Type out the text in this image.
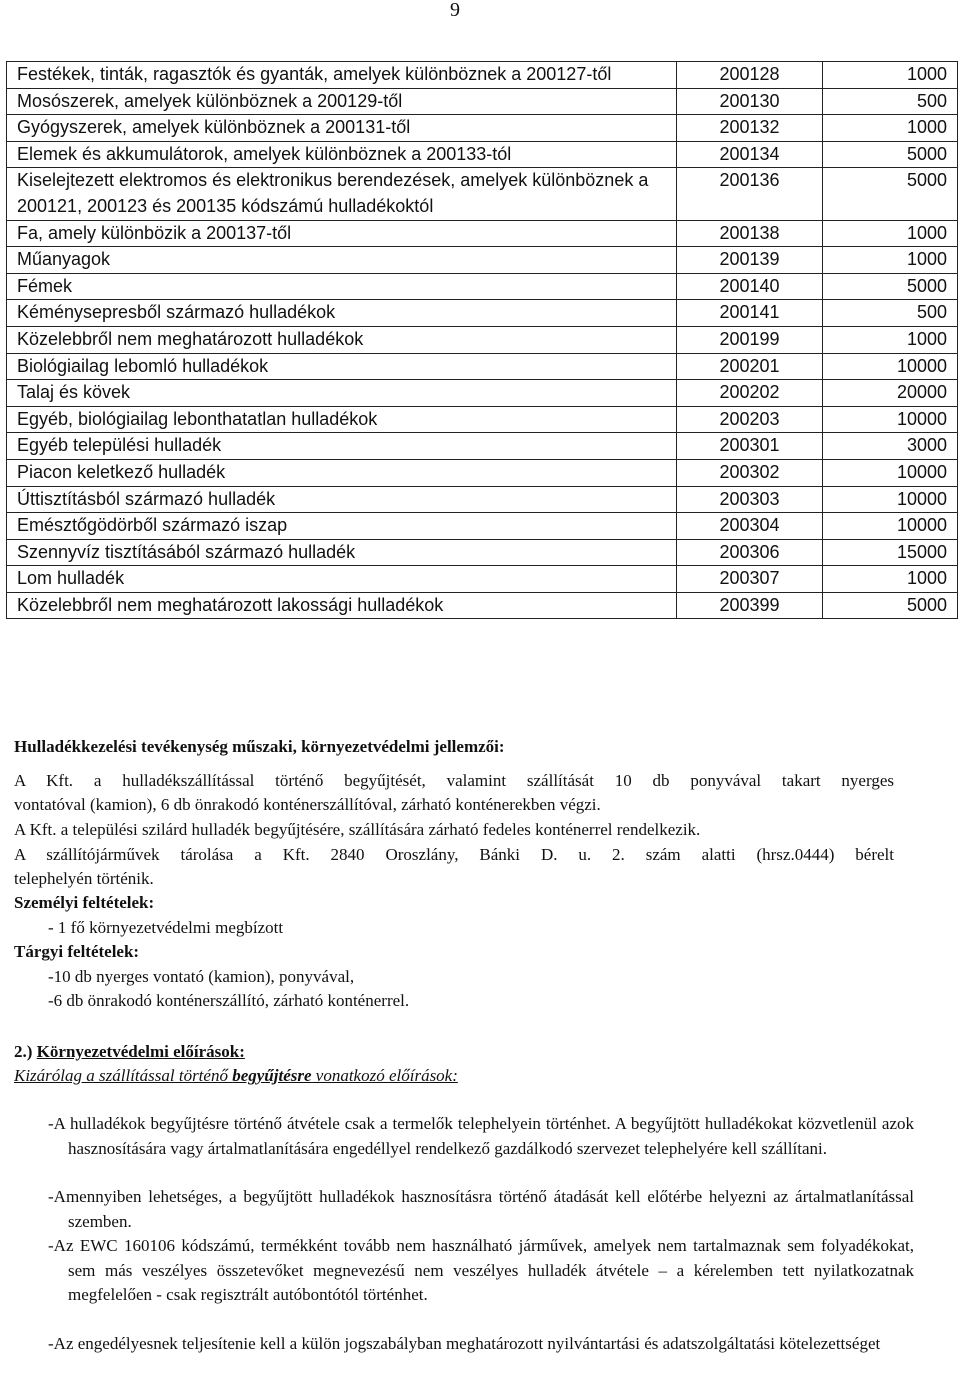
9
Festékek, tinták, ragasztók és gyanták, amelyek különböznek a 200127-től	200128	1000
Mosószerek, amelyek különböznek a 200129-től	200130	500
Gyógyszerek, amelyek különböznek a 200131-től	200132	1000
Elemek és akkumulátorok, amelyek különböznek a 200133-tól	200134	5000
Kiselejtezett elektromos és elektronikus berendezések, amelyek különböznek a 200121, 200123 és 200135 kódszámú hulladékoktól	200136	5000
Fa, amely különbözik a 200137-től	200138	1000
Műanyagok	200139	1000
Fémek	200140	5000
Kéménysepresből származó hulladékok	200141	500
Közelebbről nem meghatározott hulladékok	200199	1000
Biológiailag lebomló hulladékok	200201	10000
Talaj és kövek	200202	20000
Egyéb, biológiailag lebonthatatlan hulladékok	200203	10000
Egyéb települési hulladék	200301	3000
Piacon keletkező hulladék	200302	10000
Úttisztításból származó hulladék	200303	10000
Emésztőgödörből származó iszap	200304	10000
Szennyvíz tisztításából származó hulladék	200306	15000
Lom hulladék	200307	1000
Közelebbről nem meghatározott lakossági hulladékok	200399	5000
Hulladékkezelési tevékenység műszaki, környezetvédelmi jellemzői:
A Kft. a hulladékszállítással történő begyűjtését, valamint szállítását 10 db ponyvával takart nyerges
vontatóval (kamion), 6 db önrakodó konténerszállítóval, zárható konténerekben végzi.
A Kft. a települési szilárd hulladék begyűjtésére, szállítására zárható fedeles konténerrel rendelkezik.
A szállítójárművek tárolása a Kft. 2840 Oroszlány, Bánki D. u. 2. szám alatti (hrsz.0444) bérelt
telephelyén történik.
Személyi feltételek:
- 1 fő környezetvédelmi megbízott
Tárgyi feltételek:
-10 db nyerges vontató (kamion), ponyvával,
-6 db önrakodó konténerszállító, zárható konténerrel.
2.) Környezetvédelmi előírások:
Kizárólag a szállítással történő begyűjtésre vonatkozó előírások:
-A hulladékok begyűjtésre történő átvétele csak a termelők telephelyein történhet. A begyűjtött hulladékokat közvetlenül azok hasznosítására vagy ártalmatlanítására engedéllyel rendelkező gazdálkodó szervezet telephelyére kell szállítani.
-Amennyiben lehetséges, a begyűjtött hulladékok hasznosításra történő átadását kell előtérbe helyezni az ártalmatlanítással szemben.
-Az EWC 160106 kódszámú, termékként tovább nem használható járművek, amelyek nem tartalmaznak sem folyadékokat, sem más veszélyes összetevőket megnevezésű nem veszélyes hulladék átvétele – a kérelemben tett nyilatkozatnak megfelelően - csak regisztrált autóbontótól történhet.
-Az engedélyesnek teljesítenie kell a külön jogszabályban meghatározott nyilvántartási és adatszolgáltatási kötelezettséget
